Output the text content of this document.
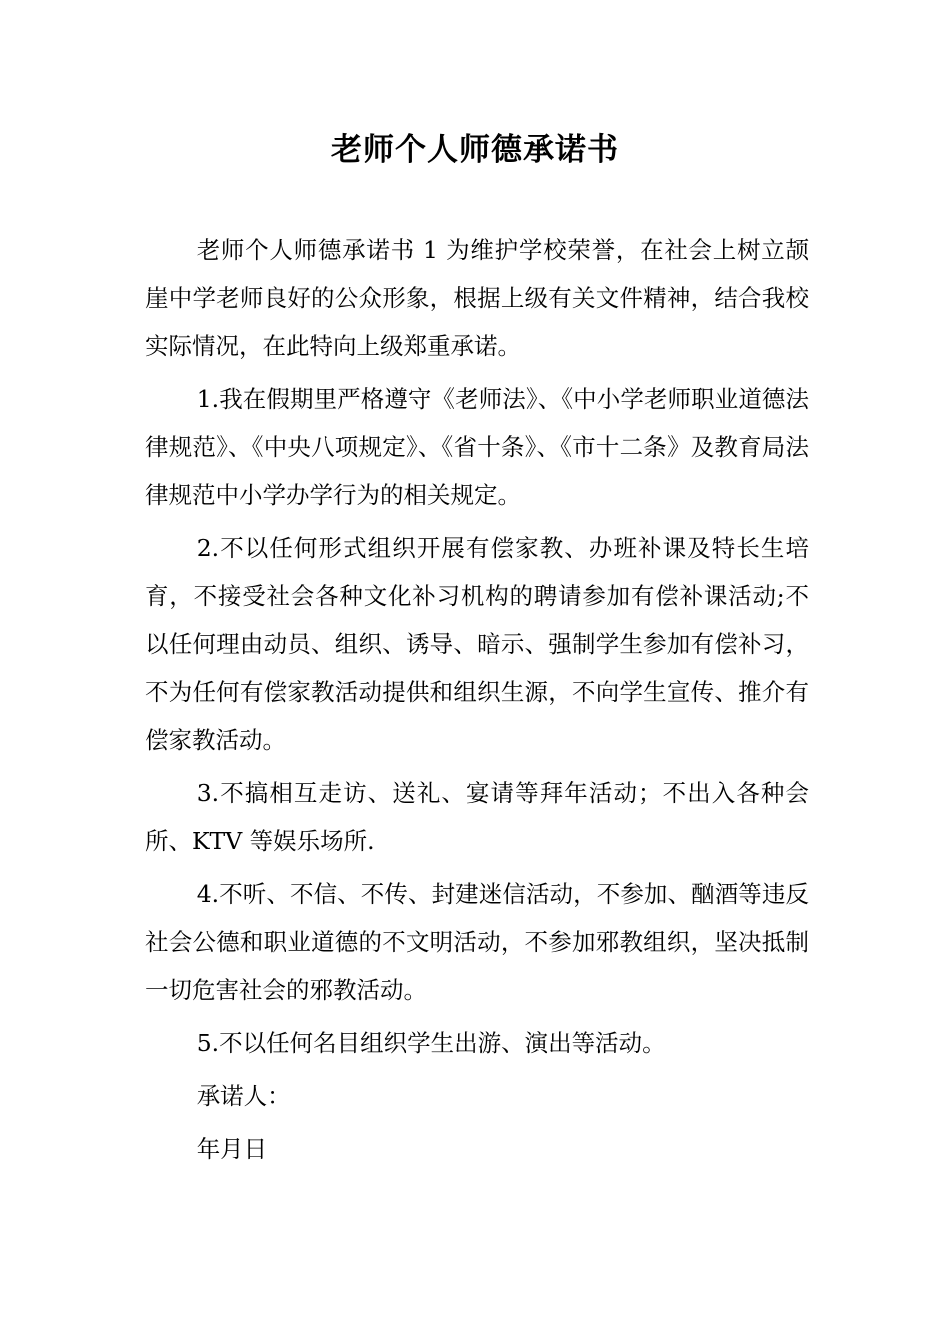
老师个人师德承诺书

老师个人师德承诺书 1 为维护学校荣誉，在社会上树立颉崖中学老师良好的公众形象，根据上级有关文件精神，结合我校实际情况，在此特向上级郑重承诺。

1.我在假期里严格遵守《老师法》、《中小学老师职业道德法律规范》、《中央八项规定》、《省十条》、《市十二条》及教育局法律规范中小学办学行为的相关规定。

2.不以任何形式组织开展有偿家教、办班补课及特长生培育，不接受社会各种文化补习机构的聘请参加有偿补课活动;不以任何理由动员、组织、诱导、暗示、强制学生参加有偿补习，不为任何有偿家教活动提供和组织生源，不向学生宣传、推介有偿家教活动。

3.不搞相互走访、送礼、宴请等拜年活动；不出入各种会所、KTV 等娱乐场所.

4.不听、不信、不传、封建迷信活动，不参加、酗酒等违反社会公德和职业道德的不文明活动，不参加邪教组织，坚决抵制一切危害社会的邪教活动。

5.不以任何名目组织学生出游、演出等活动。

承诺人：

年月日
